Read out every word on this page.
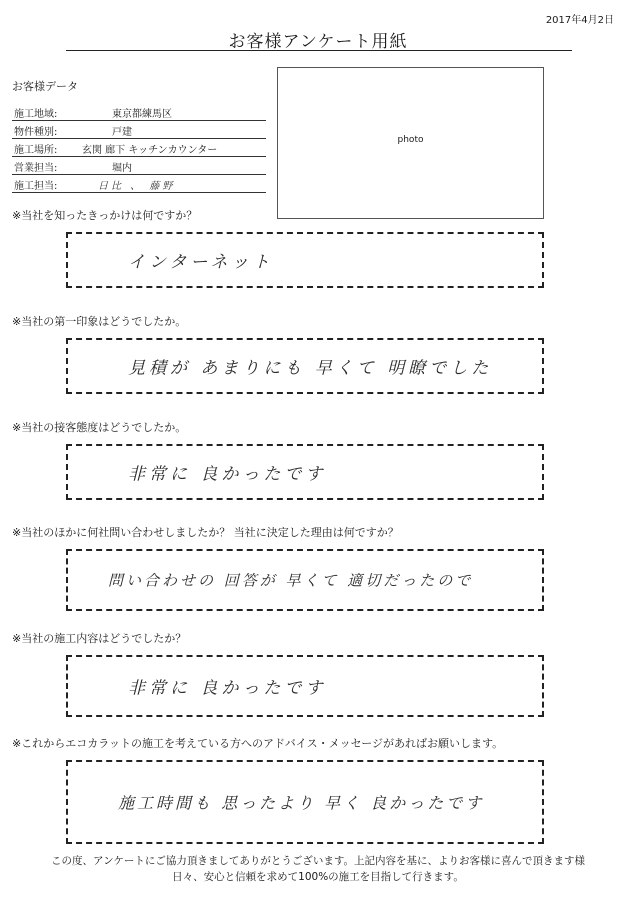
2017年4月2日
お客様アンケート用紙
お客様データ
施工地域:	東京都練馬区
物件種別:	戸建
施工場所: 玄関 廊下 キッチンカウンター
営業担当:	堀内
施工担当:	日比 、 藤野
photo
※当社を知ったきっかけは何ですか？
インターネット
※当社の第一印象はどうでしたか。
見積が あまりにも 早くて 明瞭でした
※当社の接客態度はどうでしたか。
非常に 良かったです
※当社のほかに何社問い合わせしましたか？ 当社に決定した理由は何ですか？
問い合わせの 回答が 早くて 適切だったので
※当社の施工内容はどうでしたか？
非常に 良かったです
※これからエコカラットの施工を考えている方へのアドバイス・メッセージがあればお願いします。
施工時間も 思ったより 早く 良かったです
この度、アンケートにご協力頂きましてありがとうございます。上記内容を基に、よりお客様に喜んで頂きます様
日々、安心と信頼を求めて100%の施工を目指して行きます。
